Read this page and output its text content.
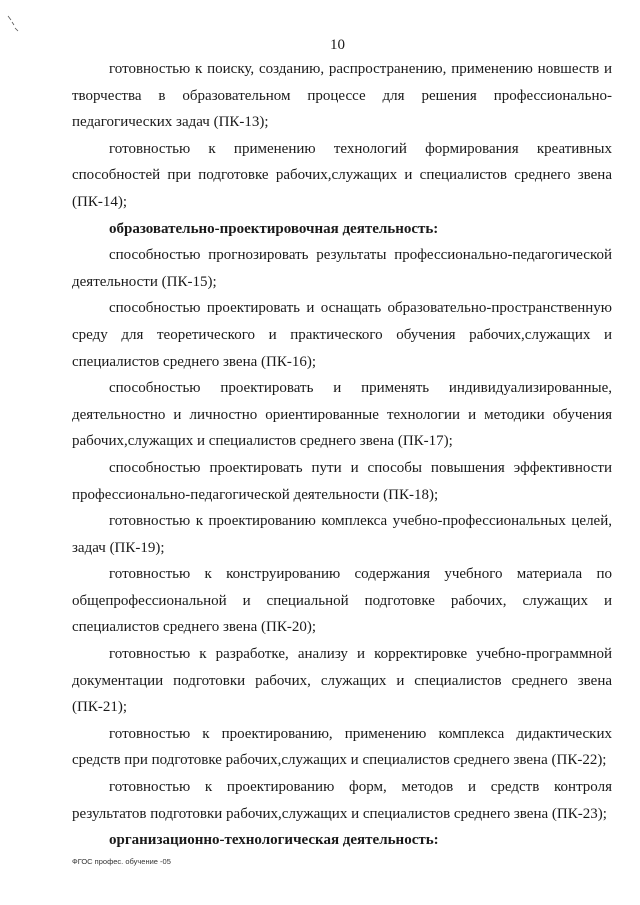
10

готовностью к поиску, созданию, распространению, применению новшеств и творчества в образовательном процессе для решения профессионально-педагогических задач (ПК-13);

готовностью к применению технологий формирования креативных способностей при подготовке рабочих,служащих и специалистов среднего звена (ПК-14);

образовательно-проектировочная деятельность:

способностью прогнозировать результаты профессионально-педагогической деятельности (ПК-15);

способностью проектировать и оснащать образовательно-пространственную среду для теоретического и практического обучения рабочих,служащих и специалистов среднего звена (ПК-16);

способностью проектировать и применять индивидуализированные, деятельностно и личностно ориентированные технологии и методики обучения рабочих,служащих и специалистов среднего звена (ПК-17);

способностью проектировать пути и способы повышения эффективности профессионально-педагогической деятельности (ПК-18);

готовностью к проектированию комплекса учебно-профессиональных целей, задач (ПК-19);

готовностью к конструированию содержания учебного материала по общепрофессиональной и специальной подготовке рабочих, служащих и специалистов среднего звена (ПК-20);

готовностью к разработке, анализу и корректировке учебно-программной документации подготовки рабочих, служащих и специалистов среднего звена (ПК-21);

готовностью к проектированию, применению комплекса дидактических средств при подготовке рабочих,служащих и специалистов среднего звена (ПК-22);

готовностью к проектированию форм, методов и средств контроля результатов подготовки рабочих,служащих и специалистов среднего звена (ПК-23);

организационно-технологическая деятельность:

ФГОС профес. обучение -05
